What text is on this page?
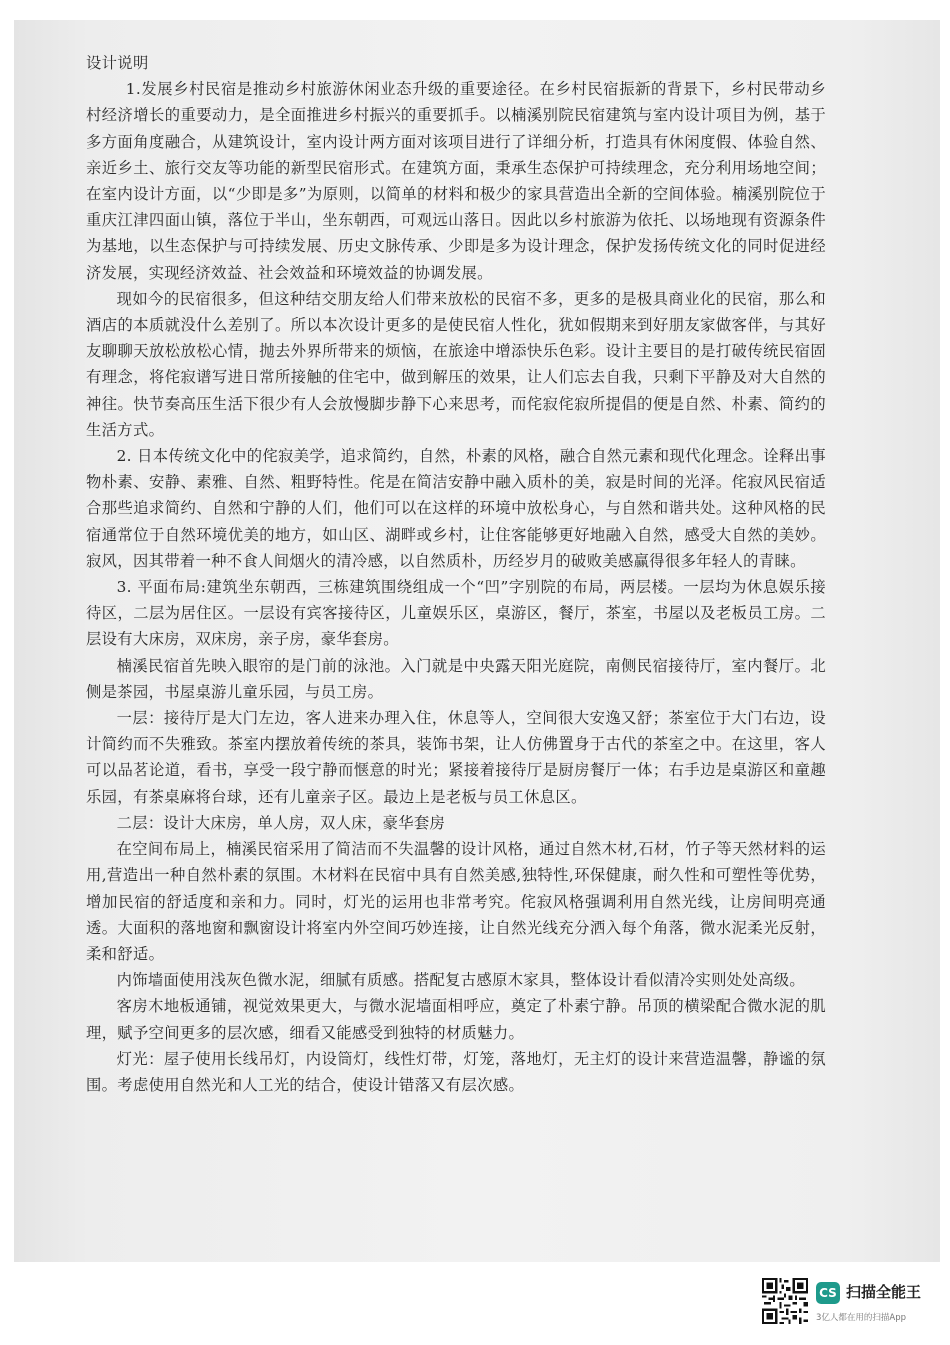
设计说明

1.发展乡村民宿是推动乡村旅游休闲业态升级的重要途径。在乡村民宿振新的背景下，乡村民带动乡村经济增长的重要动力，是全面推进乡村振兴的重要抓手。以楠溪别院民宿建筑与室内设计项目为例，基于多方面角度融合，从建筑设计，室内设计两方面对该项目进行了详细分析，打造具有休闲度假、体验自然、亲近乡土、旅行交友等功能的新型民宿形式。在建筑方面，秉承生态保护可持续理念，充分利用场地空间；在室内设计方面，以“少即是多”为原则，以简单的材料和极少的家具营造出全新的空间体验。楠溪别院位于重庆江津四面山镇，落位于半山，坐东朝西，可观远山落日。因此以乡村旅游为依托、以场地现有资源条件为基地，以生态保护与可持续发展、历史文脉传承、少即是多为设计理念，保护发扬传统文化的同时促进经济发展，实现经济效益、社会效益和环境效益的协调发展。

现如今的民宿很多，但这种结交朋友给人们带来放松的民宿不多，更多的是极具商业化的民宿，那么和酒店的本质就没什么差别了。所以本次设计更多的是使民宿人性化，犹如假期来到好朋友家做客伴，与其好友聊聊天放松放松心情，抛去外界所带来的烦恼，在旅途中增添快乐色彩。设计主要目的是打破传统民宿固有理念，将侘寂谱写进日常所接触的住宅中，做到解压的效果，让人们忘去自我，只剩下平静及对大自然的神往。快节奏高压生活下很少有人会放慢脚步静下心来思考，而侘寂侘寂所提倡的便是自然、朴素、简约的生活方式。

2. 日本传统文化中的侘寂美学，追求简约，自然，朴素的风格，融合自然元素和现代化理念。诠释出事物朴素、安静、素雅、自然、粗野特性。侘是在简洁安静中融入质朴的美，寂是时间的光泽。侘寂风民宿适合那些追求简约、自然和宁静的人们，他们可以在这样的环境中放松身心，与自然和谐共处。这种风格的民宿通常位于自然环境优美的地方，如山区、湖畔或乡村，让住客能够更好地融入自然，感受大自然的美妙。寂风，因其带着一种不食人间烟火的清冷感，以自然质朴，历经岁月的破败美感赢得很多年轻人的青睐。

3. 平面布局:建筑坐东朝西，三栋建筑围绕组成一个“凹”字别院的布局，两层楼。一层均为休息娱乐接待区，二层为居住区。一层设有宾客接待区，儿童娱乐区，桌游区，餐厅，茶室，书屋以及老板员工房。二层设有大床房，双床房，亲子房，豪华套房。

楠溪民宿首先映入眼帘的是门前的泳池。入门就是中央露天阳光庭院，南侧民宿接待厅，室内餐厅。北侧是茶园，书屋桌游儿童乐园，与员工房。

一层：接待厅是大门左边，客人进来办理入住，休息等人，空间很大安逸又舒；茶室位于大门右边，设计简约而不失雅致。茶室内摆放着传统的茶具，装饰书架，让人仿佛置身于古代的茶室之中。在这里，客人可以品茗论道，看书，享受一段宁静而惬意的时光；紧接着接待厅是厨房餐厅一体；右手边是桌游区和童趣乐园，有茶桌麻将台球，还有儿童亲子区。最边上是老板与员工休息区。

二层：设计大床房，单人房，双人床，豪华套房

在空间布局上，楠溪民宿采用了简洁而不失温馨的设计风格，通过自然木材,石材，竹子等天然材料的运用,营造出一种自然朴素的氛围。木材料在民宿中具有自然美感,独特性,环保健康，耐久性和可塑性等优势，增加民宿的舒适度和亲和力。同时，灯光的运用也非常考究。侘寂风格强调利用自然光线，让房间明亮通透。大面积的落地窗和飘窗设计将室内外空间巧妙连接，让自然光线充分洒入每个角落，微水泥柔光反射，柔和舒适。

内饰墙面使用浅灰色微水泥，细腻有质感。搭配复古感原木家具，整体设计看似清冷实则处处高级。

客房木地板通铺，视觉效果更大，与微水泥墙面相呼应，奠定了朴素宁静。吊顶的横梁配合微水泥的肌理，赋予空间更多的层次感，细看又能感受到独特的材质魅力。

灯光：屋子使用长线吊灯，内设筒灯，线性灯带，灯笼，落地灯，无主灯的设计来营造温馨，静谧的氛围。考虑使用自然光和人工光的结合，使设计错落又有层次感。

CS 扫描全能王
3亿人都在用的扫描App
